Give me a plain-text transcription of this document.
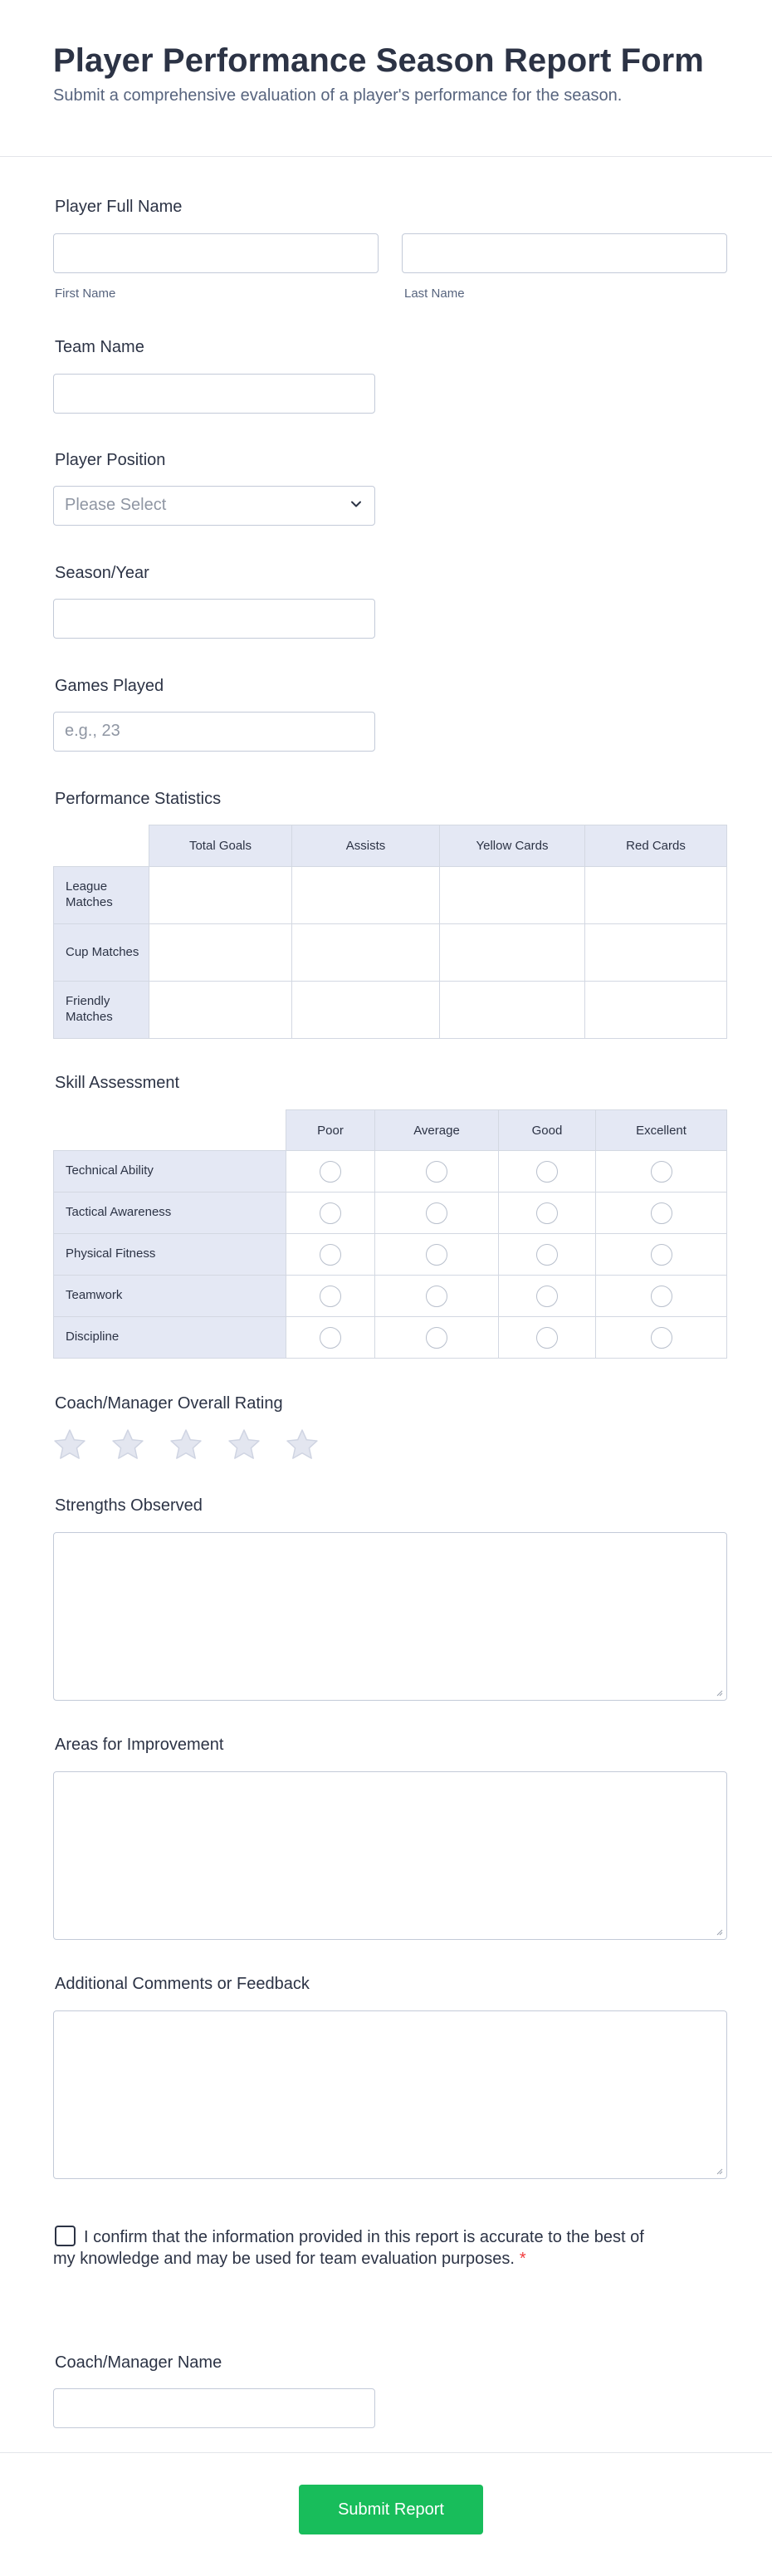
Player Performance Season Report Form

Submit a comprehensive evaluation of a player's performance for the season.

Player Full Name
First Name	Last Name
Team Name
Player Position
Please Select
Season/Year
Games Played
e.g., 23
Performance Statistics
	Total Goals	Assists	Yellow Cards	Red Cards
League Matches				
Cup Matches				
Friendly Matches				
Skill Assessment
	Poor	Average	Good	Excellent
Technical Ability	

Tactical Awareness	

Physical Fitness	

Teamwork	

Discipline	

Coach/Manager Overall Rating
Strengths Observed
Areas for Improvement
Additional Comments or Feedback
I confirm that the information provided in this report is accurate to the best of my knowledge and may be used for team evaluation purposes. *
Coach/Manager Name
Submit Report
